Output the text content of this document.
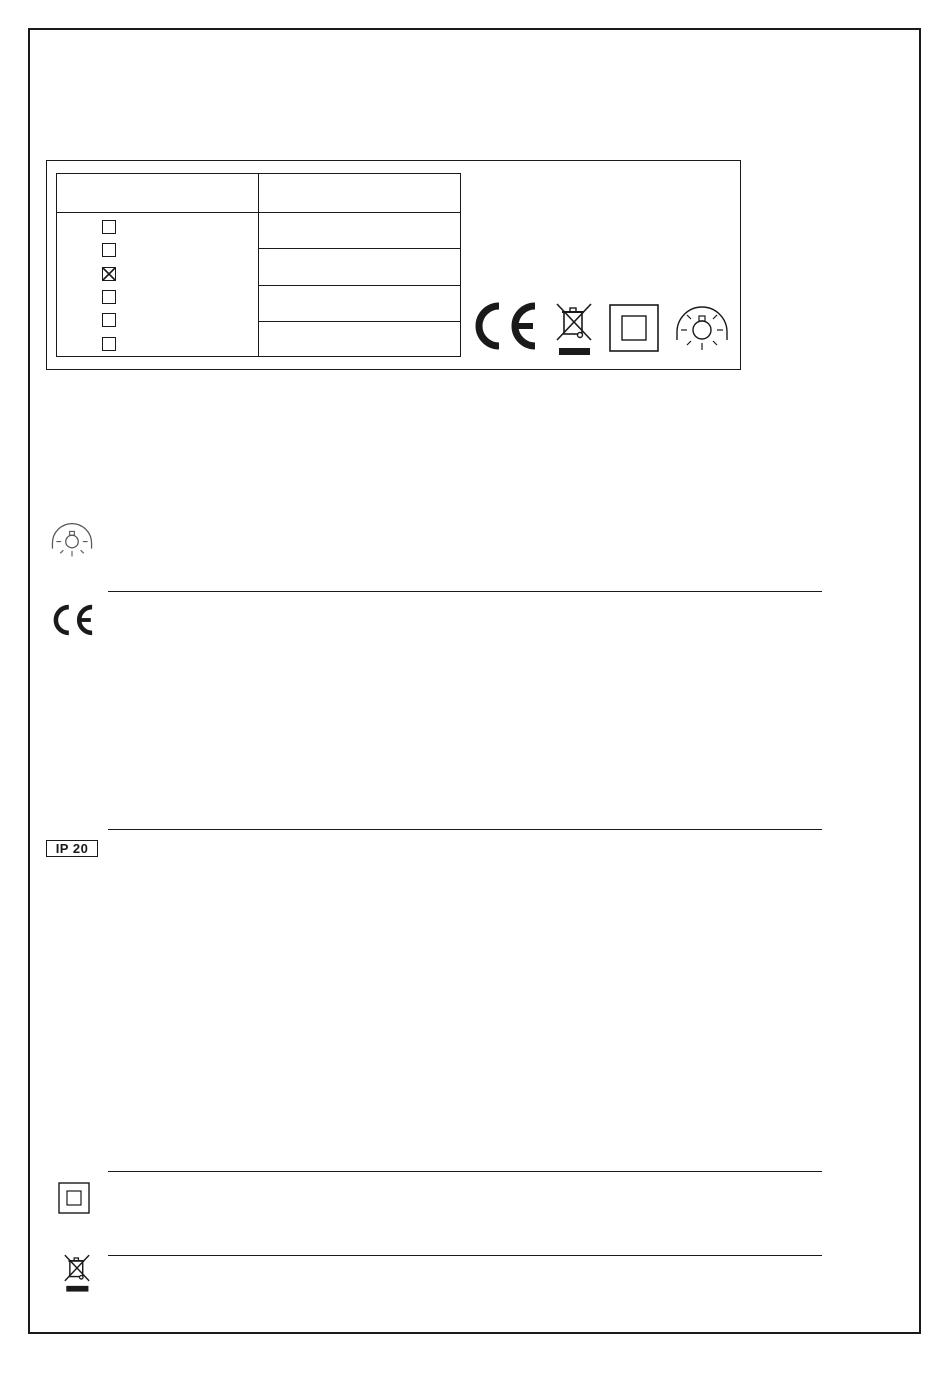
IP 20
